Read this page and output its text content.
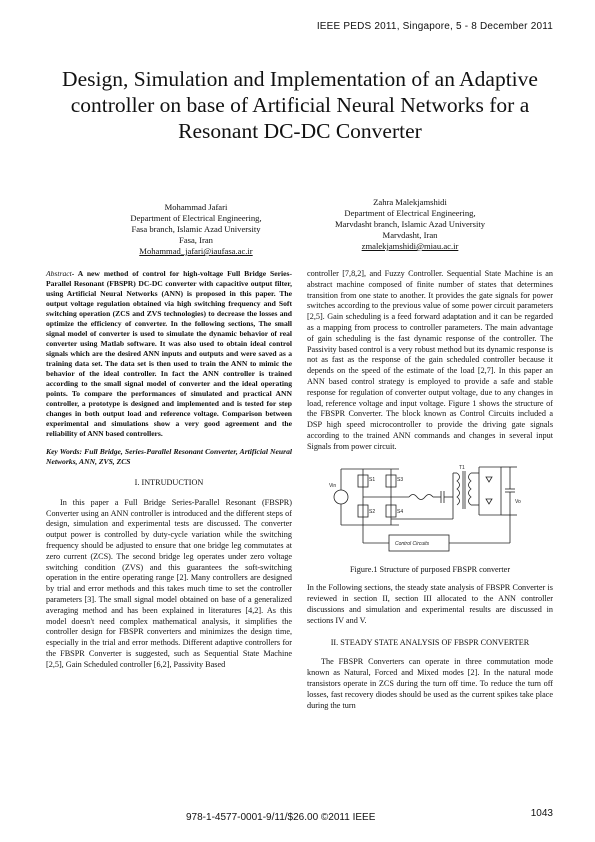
IEEE PEDS 2011, Singapore, 5 - 8 December 2011
Design, Simulation and Implementation of an Adaptive controller on base of Artificial Neural Networks for a Resonant DC-DC Converter
Mohammad Jafari
Department of Electrical Engineering,
Fasa branch, Islamic Azad University
Fasa, Iran
Mohammad_jafari@iaufasa.ac.ir
Zahra Malekjamshidi
Department of Electrical Engineering,
Marvdasht branch, Islamic Azad University
Marvdasht, Iran
zmalekjamshidi@miau.ac.ir
Abstract- A new method of control for high-voltage Full Bridge Series-Parallel Resonant (FBSPR) DC-DC converter with capacitive output filter, using Artificial Neural Networks (ANN) is proposed in this paper. The output voltage regulation obtained via high switching frequency and Soft switching operation (ZCS and ZVS technologies) to decrease the losses and optimize the efficiency of converter. In the following sections, The small signal model of converter is used to simulate the dynamic behavior of real converter using Matlab software. It was also used to obtain ideal control signals which are the desired ANN inputs and outputs and were saved as a training data set. The data set is then used to train the ANN to mimic the behavior of the ideal controller. In fact the ANN controller is trained according to the small signal model of converter and the ideal operating points. To compare the performances of simulated and practical ANN controller, a prototype is designed and implemented and is tested for step changes in both output load and reference voltage. Comparison between experimental and simulations show a very good agreement and the reliability of ANN based controllers.
Key Words: Full Bridge, Series-Parallel Resonant Converter, Artificial Neural Networks, ANN, ZVS, ZCS
I. INTRUDUCTION

In this paper a Full Bridge Series-Parallel Resonant (FBSPR) Converter using an ANN controller is introduced and the different steps of design, simulation and experimental tests are discussed. The converter output power is controlled by duty-cycle variation while the switching frequency should be adjusted to ensure that one bridge leg commutates at zero current (ZCS). The second bridge leg operates under zero voltage switching condition (ZVS) and this guarantees the soft-switching operation in the entire operating range [2]. Many controllers are designed by trial and error methods and this takes much time to set the controller parameters [3]. The small signal model obtained on base of a generalized averaging method and has been explained in literatures [4,2]. As this model doesn't need complex mathematical analysis, it simplifies the controller design for FBSPR converters and minimizes the design time, especially in the trial and error methods. Different adaptive controllers for the FBSPR Converter is suggested, such as Sequential State Machine [2,5], Gain Scheduled controller [6,2], Passivity Based

controller [7,8,2], and Fuzzy Controller. Sequential State Machine is an abstract machine composed of finite number of states that determines transition from one state to another. It provides the gate signals for power switches according to the previous value of some power circuit parameters [2,5]. Gain scheduling is a feed forward adaptation and it can be regarded as a mapping from process to controller parameters. The main advantage of gain scheduling is the fast dynamic response of the controller. The Passivity based control is a very robust method but its dynamic response is not as fast as the response of the gain scheduled controller because it depends on the speed of the estimate of the load [2,7]. In this paper an ANN based control strategy is employed to provide a safe and stable response for regulation of converter output voltage, due to any changes in load, reference voltage and input voltage. Figure 1 shows the structure of the FBSPR Converter. The block known as Control Circuits included a DSP high speed microcontroller to provide the driving gate signals according to the trained ANN commands and changes in several input Signals from power circuit.

S1
S2
S3
S4
T1
Vin
Vo
Control Circuits
Figure.1 Structure of purposed FBSPR converter

In the Following sections, the steady state analysis of FBSPR Converter is reviewed in section II, section III allocated to the ANN controller discussions and simulation and experimental results are discussed in sections IV and V.

II. STEADY STATE ANALYSIS OF FBSPR CONVERTER

The FBSPR Converters can operate in three commutation mode known as Natural, Forced and Mixed modes [2]. In the natural mode transistors operate in ZCS during the turn off time. To reduce the turn off losses, fast recovery diodes should be used as the current spikes take place during the turn

978-1-4577-0001-9/11/$26.00 ©2011 IEEE	1043
